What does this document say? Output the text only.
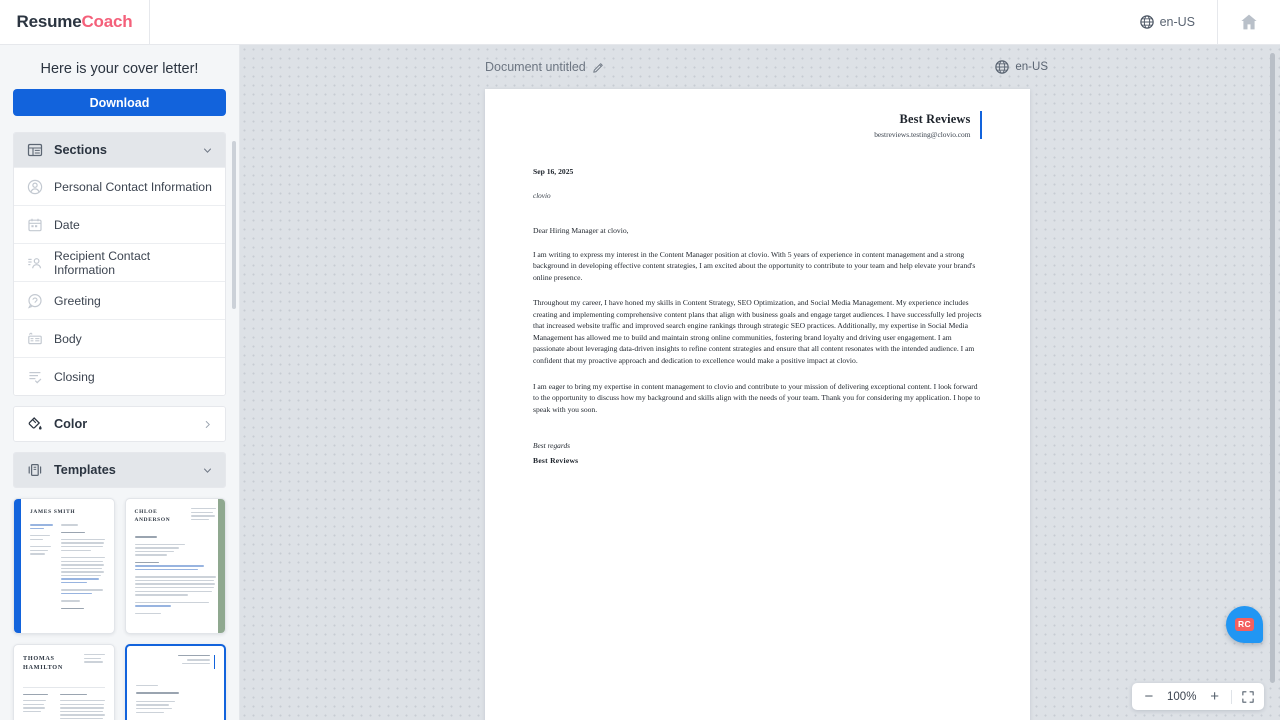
ResumeCoach	en-US
Here is your cover letter!
Download
Sections
Personal Contact Information
Date
Recipient Contact Information
Greeting
Body
Closing
Color
Templates
JAMES SMITH	CHLOE ANDERSON
THOMAS HAMILTON
Document untitled	en-US
Best Reviews
bestreviews.testing@clovio.com
Sep 16, 2025
clovio
Dear Hiring Manager at clovio,
I am writing to express my interest in the Content Manager position at clovio. With 5 years of experience in content management and a strong background in developing effective content strategies, I am excited about the opportunity to contribute to your team and help elevate your brand's online presence.
Throughout my career, I have honed my skills in Content Strategy, SEO Optimization, and Social Media Management. My experience includes creating and implementing comprehensive content plans that align with business goals and engage target audiences. I have successfully led projects that increased website traffic and improved search engine rankings through strategic SEO practices. Additionally, my expertise in Social Media Management has allowed me to build and maintain strong online communities, fostering brand loyalty and driving user engagement. I am passionate about leveraging data-driven insights to refine content strategies and ensure that all content resonates with the intended audience. I am confident that my proactive approach and dedication to excellence would make a positive impact at clovio.
I am eager to bring my expertise in content management to clovio and contribute to your mission of delivering exceptional content. I look forward to the opportunity to discuss how my background and skills align with the needs of your team. Thank you for considering my application. I hope to speak with you soon.
Best regards
Best Reviews
RC
− 100% +
